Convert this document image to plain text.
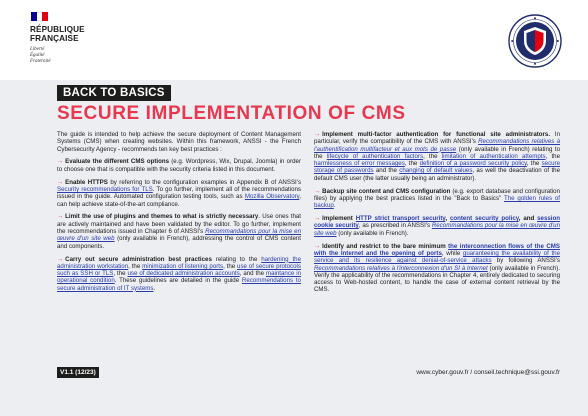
RÉPUBLIQUE
FRANÇAISE
Liberté
Égalité
Fraternité
BACK TO BASICS
SECURE IMPLEMENTATION OF CMS

The guide is intended to help achieve the secure deployment of Content Management Systems (CMS) when creating websites. Within this framework, ANSSI - the French Cybersecurity Agency - recommends ten key best practices :

→ Evaluate the different CMS options (e.g. Wordpress, Wix, Drupal, Joomla) in order to choose one that is compatible with the security criteria listed in this document.

→ Enable HTTPS by referring to the configuration examples in Appendix B of ANSSI's Security recommendations for TLS. To go further, implement all of the recommendations issued in the guide. Automated configuration testing tools, such as Mozilla Observatory, can help achieve state-of-the-art compliance.

→ Limit the use of plugins and themes to what is strictly necessary. Use ones that are actively maintained and have been validated by the editor. To go further, implement the recommendations issued in Chapter 6 of ANSSI's Recommandations pour la mise en œuvre d'un site web (only available in French), addressing the control of CMS content and components.

→ Carry out secure administration best practices relating to the hardening the administration workstation, the minimization of listening ports, the use of secure protocols such as SSH or TLS, the use of dedicated administration accounts, and the maintance in operational condition. These guidelines are detailed in the guide Recommendations to secure administration of IT systems.

→ Implement multi-factor authentication for functional site administrators. In particular, verify the compatibility of the CMS with ANSSI's Recommandations relatives à l'authentification multifacteur et aux mots de passe (only available in French) relating to the lifecycle of authentication factors, the limitation of authentication attempts, the harmlessness of error messages, the definition of a password security policy, the secure storage of passwords and the changing of default values, as well the deactivation of the default CMS user (the latter usually being an administrator).

→ Backup site content and CMS configuration (e.g. export database and configuration files) by applying the best practices listed in the "Back to Basics" The golden rules of backup.

→ Implement HTTP strict transport security, content security policy, and session cookie security, as prescribed in ANSSI's Recommandations pour la mise en œuvre d'un site web (only available in French).

→ Identify and restrict to the bare minimum the interconnection flows of the CMS with the Internet and the opening of ports, while guaranteeing the availability of the service and its resilience against denial-of-service attacks by following ANSSI's Recommandations relatives à l'interconnexion d'un SI à Internet (only available in French). Verify the applicability of the recommendations in Chapter 4, entirely dedicated to securing access to Web-hosted content, to handle the case of external content retrieval by the CMS.

V1.1 (12/23)	www.cyber.gouv.fr / conseil.technique@ssi.gouv.fr
